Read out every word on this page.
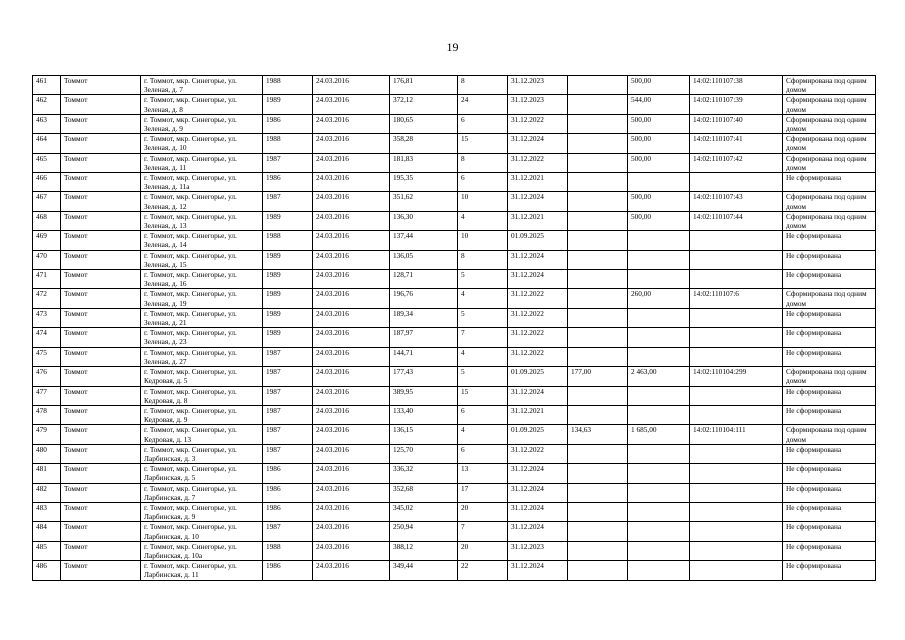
19
461	Томмот	г. Томмот, мкр. Синегорье, ул. Зеленая, д. 7	1988	24.03.2016	176,81	8	31.12.2023		500,00	14:02:110107:38	Сформирована под одним домом
462	Томмот	г. Томмот, мкр. Синегорье, ул. Зеленая, д. 8	1989	24.03.2016	372,12	24	31.12.2023		544,00	14:02:110107:39	Сформирована под одним домом
463	Томмот	г. Томмот, мкр. Синегорье, ул. Зеленая, д. 9	1986	24.03.2016	180,65	6	31.12.2022		500,00	14:02:110107:40	Сформирована под одним домом
464	Томмот	г. Томмот, мкр. Синегорье, ул. Зеленая, д. 10	1988	24.03.2016	358,28	15	31.12.2024		500,00	14:02:110107:41	Сформирована под одним домом
465	Томмот	г. Томмот, мкр. Синегорье, ул. Зеленая, д. 11	1987	24.03.2016	181,83	8	31.12.2022		500,00	14:02:110107:42	Сформирована под одним домом
466	Томмот	г. Томмот, мкр. Синегорье, ул. Зеленая, д. 11а	1986	24.03.2016	195,35	6	31.12.2021				Не сформирована
467	Томмот	г. Томмот, мкр. Синегорье, ул. Зеленая, д. 12	1987	24.03.2016	351,62	10	31.12.2024		500,00	14:02:110107:43	Сформирована под одним домом
468	Томмот	г. Томмот, мкр. Синегорье, ул. Зеленая, д. 13	1989	24.03.2016	136,30	4	31.12.2021		500,00	14:02:110107:44	Сформирована под одним домом
469	Томмот	г. Томмот, мкр. Синегорье, ул. Зеленая, д. 14	1988	24.03.2016	137,44	10	01.09.2025				Не сформирована
470	Томмот	г. Томмот, мкр. Синегорье, ул. Зеленая, д. 15	1989	24.03.2016	136,05	8	31.12.2024				Не сформирована
471	Томмот	г. Томмот, мкр. Синегорье, ул. Зеленая, д. 16	1989	24.03.2016	128,71	5	31.12.2024				Не сформирована
472	Томмот	г. Томмот, мкр. Синегорье, ул. Зеленая, д. 19	1989	24.03.2016	196,76	4	31.12.2022		260,00	14:02:110107:6	Сформирована под одним домом
473	Томмот	г. Томмот, мкр. Синегорье, ул. Зеленая, д. 21	1989	24.03.2016	189,34	5	31.12.2022				Не сформирована
474	Томмот	г. Томмот, мкр. Синегорье, ул. Зеленая, д. 23	1989	24.03.2016	187,97	7	31.12.2022				Не сформирована
475	Томмот	г. Томмот, мкр. Синегорье, ул. Зеленая, д. 27	1987	24.03.2016	144,71	4	31.12.2022				Не сформирована
476	Томмот	г. Томмот, мкр. Синегорье, ул. Кедровая, д. 5	1987	24.03.2016	177,43	5	01.09.2025	177,00	2 463,00	14:02:110104:299	Сформирована под одним домом
477	Томмот	г. Томмот, мкр. Синегорье, ул. Кедровая, д. 8	1987	24.03.2016	389,95	15	31.12.2024				Не сформирована
478	Томмот	г. Томмот, мкр. Синегорье, ул. Кедровая, д. 9	1987	24.03.2016	133,40	6	31.12.2021				Не сформирована
479	Томмот	г. Томмот, мкр. Синегорье, ул. Кедровая, д. 13	1987	24.03.2016	136,15	4	01.09.2025	134,63	1 685,00	14:02:110104:111	Сформирована под одним домом
480	Томмот	г. Томмот, мкр. Синегорье, ул. Ларбинская, д. 3	1987	24.03.2016	125,70	6	31.12.2022				Не сформирована
481	Томмот	г. Томмот, мкр. Синегорье, ул. Ларбинская, д. 5	1986	24.03.2016	336,32	13	31.12.2024				Не сформирована
482	Томмот	г. Томмот, мкр. Синегорье, ул. Ларбинская, д. 7	1986	24.03.2016	352,68	17	31.12.2024				Не сформирована
483	Томмот	г. Томмот, мкр. Синегорье, ул. Ларбинская, д. 9	1986	24.03.2016	345,02	20	31.12.2024				Не сформирована
484	Томмот	г. Томмот, мкр. Синегорье, ул. Ларбинская, д. 10	1987	24.03.2016	250,94	7	31.12.2024				Не сформирована
485	Томмот	г. Томмот, мкр. Синегорье, ул. Ларбинская, д. 10а	1988	24.03.2016	388,12	20	31.12.2023				Не сформирована
486	Томмот	г. Томмот, мкр. Синегорье, ул. Ларбинская, д. 11	1986	24.03.2016	349,44	22	31.12.2024				Не сформирована
